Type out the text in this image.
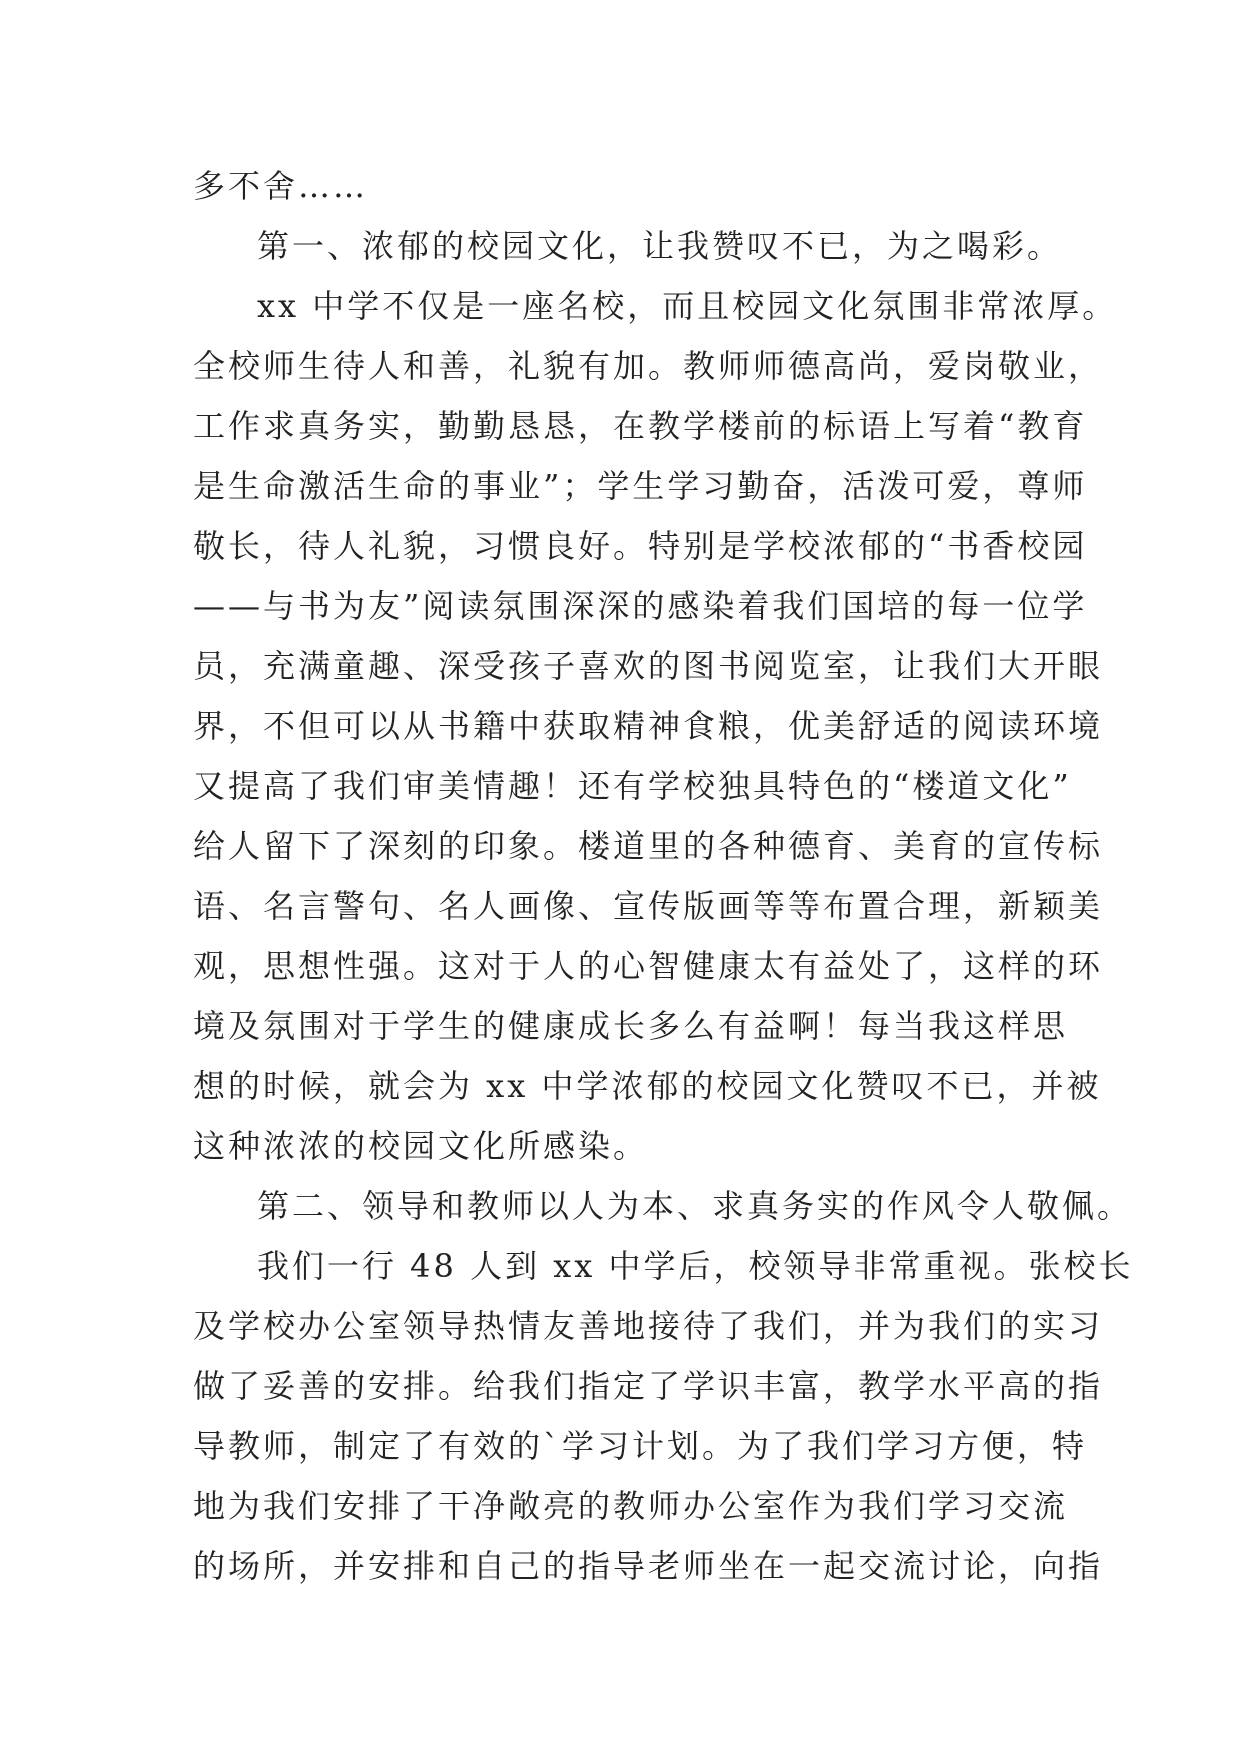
多不舍……
第一、浓郁的校园文化，让我赞叹不已，为之喝彩。
xx 中学不仅是一座名校，而且校园文化氛围非常浓厚。
全校师生待人和善，礼貌有加。教师师德高尚，爱岗敬业，
工作求真务实，勤勤恳恳，在教学楼前的标语上写着“教育
是生命激活生命的事业”；学生学习勤奋，活泼可爱，尊师
敬长，待人礼貌，习惯良好。特别是学校浓郁的“书香校园
——与书为友”阅读氛围深深的感染着我们国培的每一位学
员，充满童趣、深受孩子喜欢的图书阅览室，让我们大开眼
界，不但可以从书籍中获取精神食粮，优美舒适的阅读环境
又提高了我们审美情趣！还有学校独具特色的“楼道文化”
给人留下了深刻的印象。楼道里的各种德育、美育的宣传标
语、名言警句、名人画像、宣传版画等等布置合理，新颖美
观，思想性强。这对于人的心智健康太有益处了，这样的环
境及氛围对于学生的健康成长多么有益啊！每当我这样思
想的时候，就会为 xx 中学浓郁的校园文化赞叹不已，并被
这种浓浓的校园文化所感染。
第二、领导和教师以人为本、求真务实的作风令人敬佩。
我们一行 48 人到 xx 中学后，校领导非常重视。张校长
及学校办公室领导热情友善地接待了我们，并为我们的实习
做了妥善的安排。给我们指定了学识丰富，教学水平高的指
导教师，制定了有效的`学习计划。为了我们学习方便，特
地为我们安排了干净敞亮的教师办公室作为我们学习交流
的场所，并安排和自己的指导老师坐在一起交流讨论，向指
